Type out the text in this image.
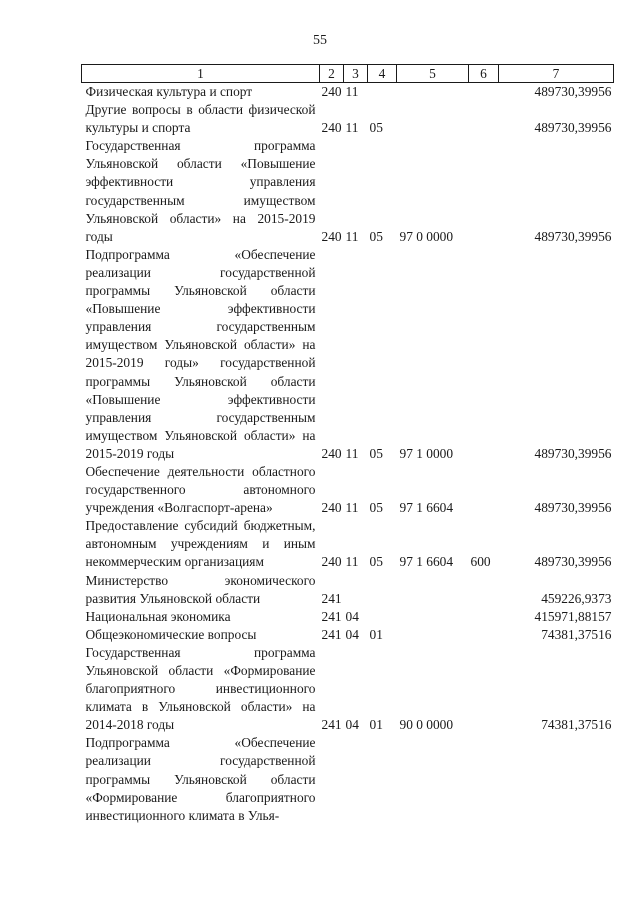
55
1	2	3	4	5	6	7
Физическая культура и спорт	240	11				489730,39956
Другие вопросы в области физической культуры и спорта	240	11	05			489730,39956
Государственная программа Ульяновской области «Повышение эффективности управления государственным имуществом Ульяновской области» на 2015-2019 годы	240	11	05	97 0 0000		489730,39956
Подпрограмма «Обеспечение реализации государственной программы Ульяновской области «Повышение эффективности управления государственным имуществом Ульяновской области» на 2015-2019 годы» государственной программы Ульяновской области «Повышение эффективности управления государственным имуществом Ульяновской области» на 2015-2019 годы	240	11	05	97 1 0000		489730,39956
Обеспечение деятельности областного государственного автономного учреждения «Волгаспорт-арена»	240	11	05	97 1 6604		489730,39956
Предоставление субсидий бюджетным, автономным учреждениям и иным некоммерческим организациям	240	11	05	97 1 6604	600	489730,39956
Министерство экономического развития Ульяновской области	241					459226,9373
Национальная экономика	241	04				415971,88157
Общеэкономические вопросы	241	04	01			74381,37516
Государственная программа Ульяновской области «Формирование благоприятного инвестиционного климата в Ульяновской области» на 2014-2018 годы	241	04	01	90 0 0000		74381,37516
Подпрограмма «Обеспечение реализации государственной программы Ульяновской области «Формирование благоприятного инвестиционного климата в Улья-						
